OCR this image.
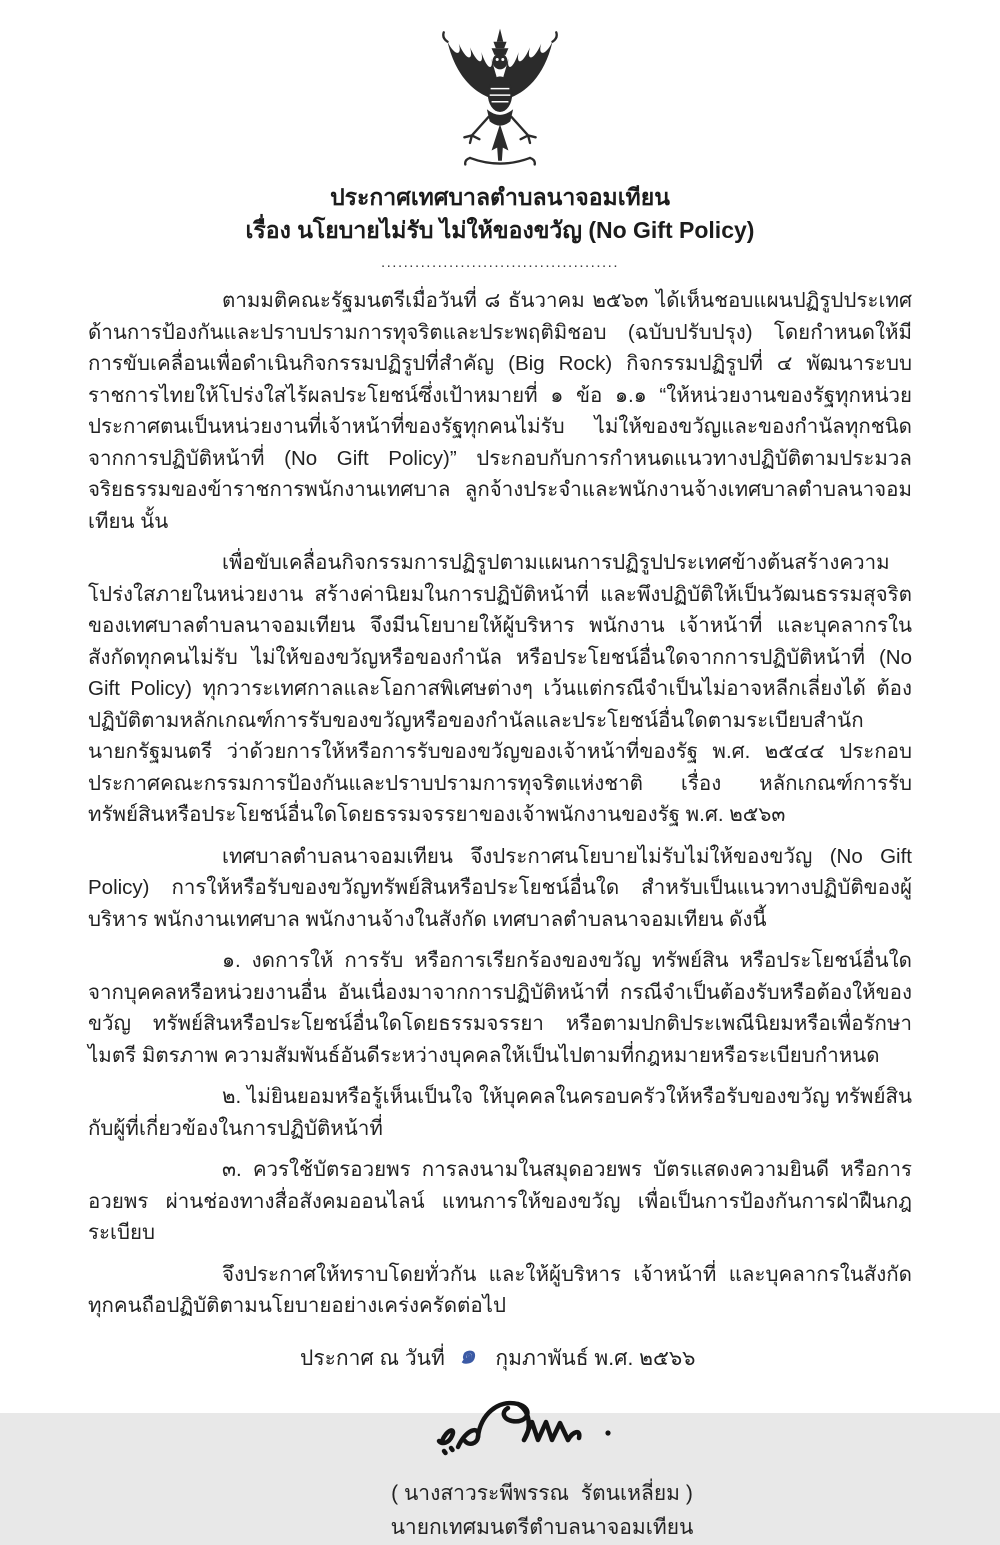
ประกาศเทศบาลตำบลนาจอมเทียน
เรื่อง นโยบายไม่รับ ไม่ให้ของขวัญ (No Gift Policy)
..........................................

ตามมติคณะรัฐมนตรีเมื่อวันที่ ๘ ธันวาคม ๒๕๖๓ ได้เห็นชอบแผนปฏิรูปประเทศด้านการป้องกันและปราบปรามการทุจริตและประพฤติมิชอบ (ฉบับปรับปรุง) โดยกำหนดให้มีการขับเคลื่อนเพื่อดำเนินกิจกรรมปฏิรูปที่สำคัญ (Big Rock) กิจกรรมปฏิรูปที่ ๔ พัฒนาระบบราชการไทยให้โปร่งใสไร้ผลประโยชน์ซึ่งเป้าหมายที่ ๑ ข้อ ๑.๑ “ให้หน่วยงานของรัฐทุกหน่วยประกาศตนเป็นหน่วยงานที่เจ้าหน้าที่ของรัฐทุกคนไม่รับ ไม่ให้ของขวัญและของกำนัลทุกชนิดจากการปฏิบัติหน้าที่ (No Gift Policy)” ประกอบกับการกำหนดแนวทางปฏิบัติตามประมวลจริยธรรมของข้าราชการพนักงานเทศบาล ลูกจ้างประจำและพนักงานจ้างเทศบาลตำบลนาจอมเทียน นั้น

เพื่อขับเคลื่อนกิจกรรมการปฏิรูปตามแผนการปฏิรูปประเทศข้างต้นสร้างความโปร่งใสภายในหน่วยงาน สร้างค่านิยมในการปฏิบัติหน้าที่ และพึงปฏิบัติให้เป็นวัฒนธรรมสุจริตของเทศบาลตำบลนาจอมเทียน จึงมีนโยบายให้ผู้บริหาร พนักงาน เจ้าหน้าที่ และบุคลากรในสังกัดทุกคนไม่รับ ไม่ให้ของขวัญหรือของกำนัล หรือประโยชน์อื่นใดจากการปฏิบัติหน้าที่ (No Gift Policy) ทุกวาระเทศกาลและโอกาสพิเศษต่างๆ เว้นแต่กรณีจำเป็นไม่อาจหลีกเลี่ยงได้ ต้องปฏิบัติตามหลักเกณฑ์การรับของขวัญหรือของกำนัลและประโยชน์อื่นใดตามระเบียบสำนักนายกรัฐมนตรี ว่าด้วยการให้หรือการรับของขวัญของเจ้าหน้าที่ของรัฐ พ.ศ. ๒๕๔๔ ประกอบประกาศคณะกรรมการป้องกันและปราบปรามการทุจริตแห่งชาติ เรื่อง หลักเกณฑ์การรับทรัพย์สินหรือประโยชน์อื่นใดโดยธรรมจรรยาของเจ้าพนักงานของรัฐ พ.ศ. ๒๕๖๓

เทศบาลตำบลนาจอมเทียน จึงประกาศนโยบายไม่รับไม่ให้ของขวัญ (No Gift Policy) การให้หรือรับของขวัญทรัพย์สินหรือประโยชน์อื่นใด สำหรับเป็นแนวทางปฏิบัติของผู้บริหาร พนักงานเทศบาล พนักงานจ้างในสังกัด เทศบาลตำบลนาจอมเทียน ดังนี้

๑. งดการให้ การรับ หรือการเรียกร้องของขวัญ ทรัพย์สิน หรือประโยชน์อื่นใด จากบุคคลหรือหน่วยงานอื่น อันเนื่องมาจากการปฏิบัติหน้าที่ กรณีจำเป็นต้องรับหรือต้องให้ของขวัญ ทรัพย์สินหรือประโยชน์อื่นใดโดยธรรมจรรยา หรือตามปกติประเพณีนิยมหรือเพื่อรักษาไมตรี มิตรภาพ ความสัมพันธ์อันดีระหว่างบุคคลให้เป็นไปตามที่กฎหมายหรือระเบียบกำหนด

๒. ไม่ยินยอมหรือรู้เห็นเป็นใจ ให้บุคคลในครอบครัวให้หรือรับของขวัญ ทรัพย์สินกับผู้ที่เกี่ยวข้องในการปฏิบัติหน้าที่

๓. ควรใช้บัตรอวยพร การลงนามในสมุดอวยพร บัตรแสดงความยินดี หรือการอวยพร ผ่านช่องทางสื่อสังคมออนไลน์ แทนการให้ของขวัญ เพื่อเป็นการป้องกันการฝ่าฝืนกฎระเบียบ

จึงประกาศให้ทราบโดยทั่วกัน และให้ผู้บริหาร เจ้าหน้าที่ และบุคลากรในสังกัดทุกคนถือปฏิบัติตามนโยบายอย่างเคร่งครัดต่อไป

ประกาศ ณ วันที่ ๑ กุมภาพันธ์ พ.ศ. ๒๕๖๖
( นางสาวระพีพรรณ  รัตนเหลี่ยม )
นายกเทศมนตรีตำบลนาจอมเทียน
